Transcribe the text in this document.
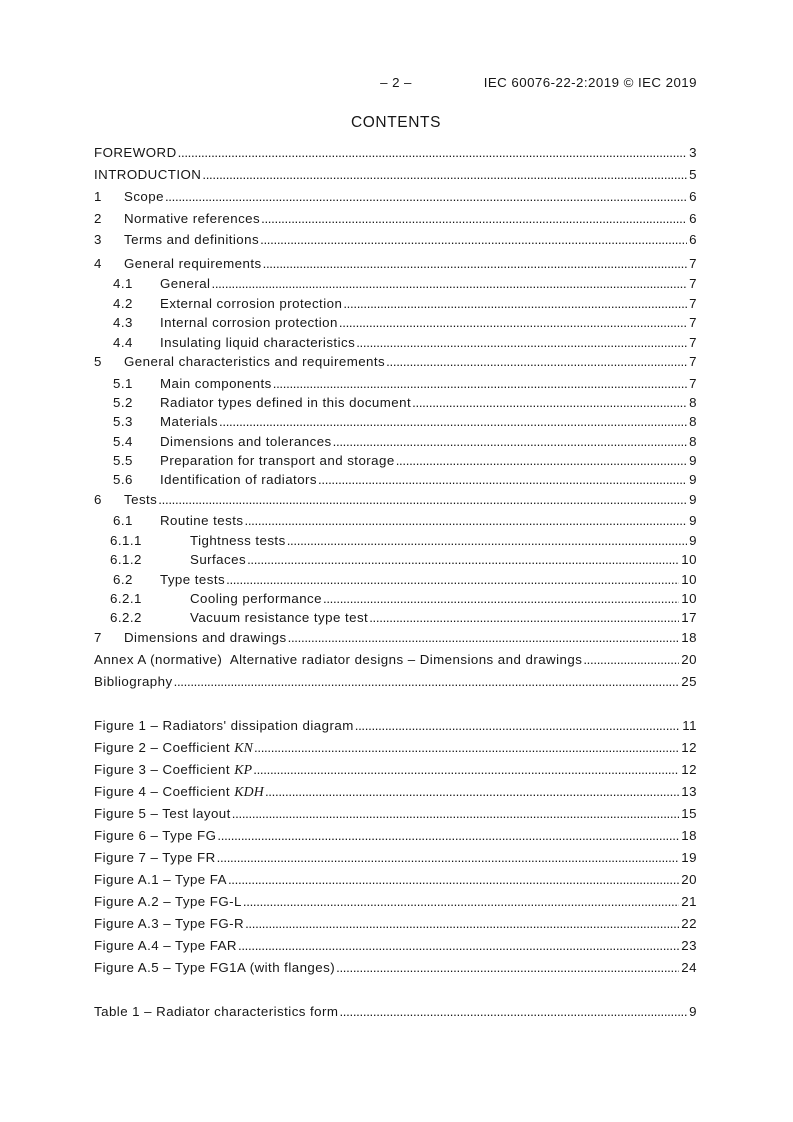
– 2 –	IEC 60076-22-2:2019 © IEC 2019
CONTENTS
FOREWORD .....	3
INTRODUCTION .....	5
1 Scope .....	6
2 Normative references .....	6
3 Terms and definitions .....	6
4 General requirements .....	7
4.1 General .....	7
4.2 External corrosion protection .....	7
4.3 Internal corrosion protection .....	7
4.4 Insulating liquid characteristics .....	7
5 General characteristics and requirements .....	7
5.1 Main components .....	7
5.2 Radiator types defined in this document .....	8
5.3 Materials .....	8
5.4 Dimensions and tolerances .....	8
5.5 Preparation for transport and storage .....	9
5.6 Identification of radiators .....	9
6 Tests .....	9
6.1 Routine tests .....	9
6.1.1	Tightness tests .....	9
6.1.2	Surfaces .....	10
6.2 Type tests .....	10
6.2.1	Cooling performance .....	10
6.2.2	Vacuum resistance type test .....	17
7 Dimensions and drawings .....	18
Annex A (normative)  Alternative radiator designs – Dimensions and drawings .....	20
Bibliography .....	25
Figure 1 – Radiators' dissipation diagram .....	11
Figure 2 – Coefficient KN .....	12
Figure 3 – Coefficient KP .....	12
Figure 4 – Coefficient KDH .....	13
Figure 5 – Test layout .....	15
Figure 6 – Type FG .....	18
Figure 7 – Type FR .....	19
Figure A.1 – Type FA .....	20
Figure A.2 – Type FG-L .....	21
Figure A.3 – Type FG-R .....	22
Figure A.4 – Type FAR .....	23
Figure A.5 – Type FG1A (with flanges) .....	24
Table 1 – Radiator characteristics form .....	9
